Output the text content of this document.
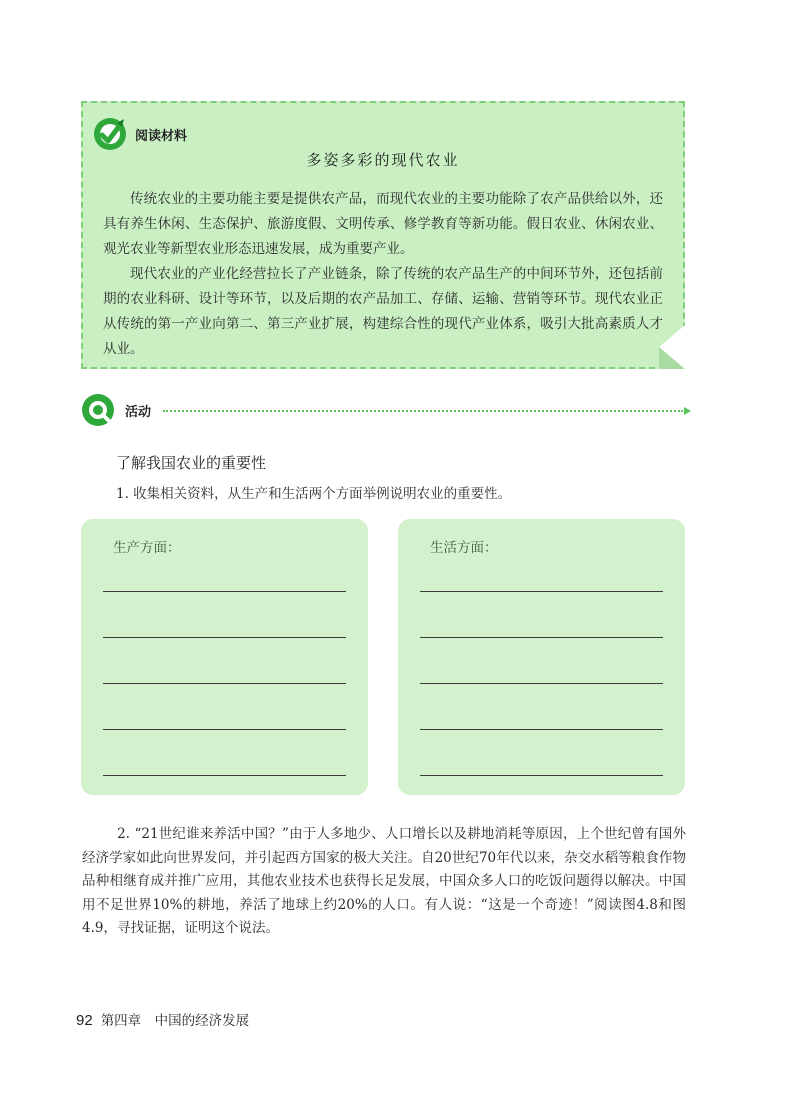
阅读材料
多姿多彩的现代农业

传统农业的主要功能主要是提供农产品，而现代农业的主要功能除了农产品供给以外，还具有养生休闲、生态保护、旅游度假、文明传承、修学教育等新功能。假日农业、休闲农业、观光农业等新型农业形态迅速发展，成为重要产业。

现代农业的产业化经营拉长了产业链条，除了传统的农产品生产的中间环节外，还包括前期的农业科研、设计等环节，以及后期的农产品加工、存储、运输、营销等环节。现代农业正从传统的第一产业向第二、第三产业扩展，构建综合性的现代产业体系，吸引大批高素质人才从业。

活动
了解我国农业的重要性
1. 收集相关资料，从生产和生活两个方面举例说明农业的重要性。
生产方面：	生活方面：

2. “21世纪谁来养活中国？”由于人多地少、人口增长以及耕地消耗等原因，上个世纪曾有国外经济学家如此向世界发问，并引起西方国家的极大关注。自20世纪70年代以来，杂交水稻等粮食作物品种相继育成并推广应用，其他农业技术也获得长足发展，中国众多人口的吃饭问题得以解决。中国用不足世界10%的耕地，养活了地球上约20%的人口。有人说：“这是一个奇迹！”阅读图4.8和图4.9，寻找证据，证明这个说法。

92 第四章　中国的经济发展
